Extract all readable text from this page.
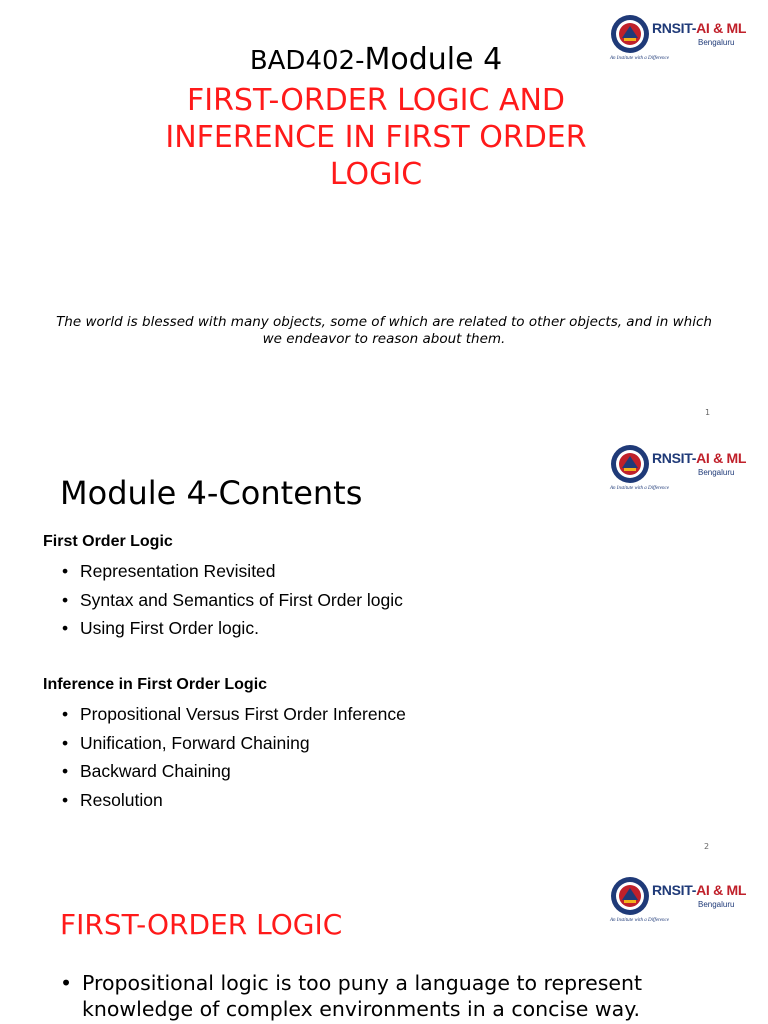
RNSIT-AI & ML
Bengaluru
An Institute with a Difference
BAD402-Module 4
FIRST-ORDER LOGIC AND INFERENCE IN FIRST ORDER LOGIC
The world is blessed with many objects, some of which are related to other objects, and in which we endeavor to reason about them.
1
RNSIT-AI & ML
Bengaluru
An Institute with a Difference
Module 4-Contents
First Order Logic
• Representation Revisited
• Syntax and Semantics of First Order logic
• Using First Order logic.
Inference in First Order Logic
• Propositional Versus First Order Inference
• Unification, Forward Chaining
• Backward Chaining
• Resolution
2
RNSIT-AI & ML
Bengaluru
An Institute with a Difference
FIRST-ORDER LOGIC
• Propositional logic is too puny a language to represent knowledge of complex environments in a concise way.
